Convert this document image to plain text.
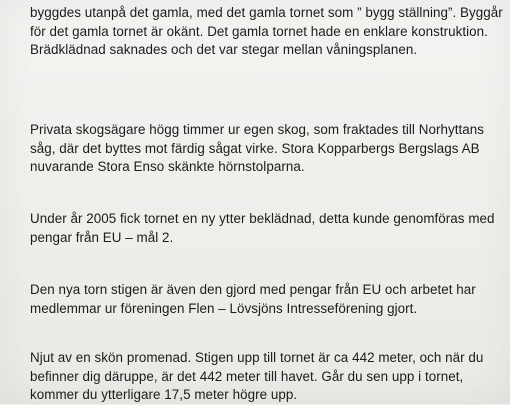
byggdes utanpå det gamla, med det gamla tornet som ” bygg ställning”. Byggår
för det gamla tornet är okänt. Det gamla tornet hade en enklare konstruktion.
Brädklädnad saknades och det var stegar mellan våningsplanen.
Privata skogsägare högg timmer ur egen skog, som fraktades till Norhyttans
såg, där det byttes mot färdig sågat virke. Stora Kopparbergs Bergslags AB
nuvarande Stora Enso skänkte hörnstolparna.
Under år 2005 fick tornet en ny ytter beklädnad, detta kunde genomföras med
pengar från EU – mål 2.
Den nya torn stigen är även den gjord med pengar från EU och arbetet har
medlemmar ur föreningen Flen – Lövsjöns Intresseförening gjort.
Njut av en skön promenad. Stigen upp till tornet är ca 442 meter, och när du
befinner dig däruppe, är det 442 meter till havet. Går du sen upp i tornet,
kommer du ytterligare 17,5 meter högre upp.
